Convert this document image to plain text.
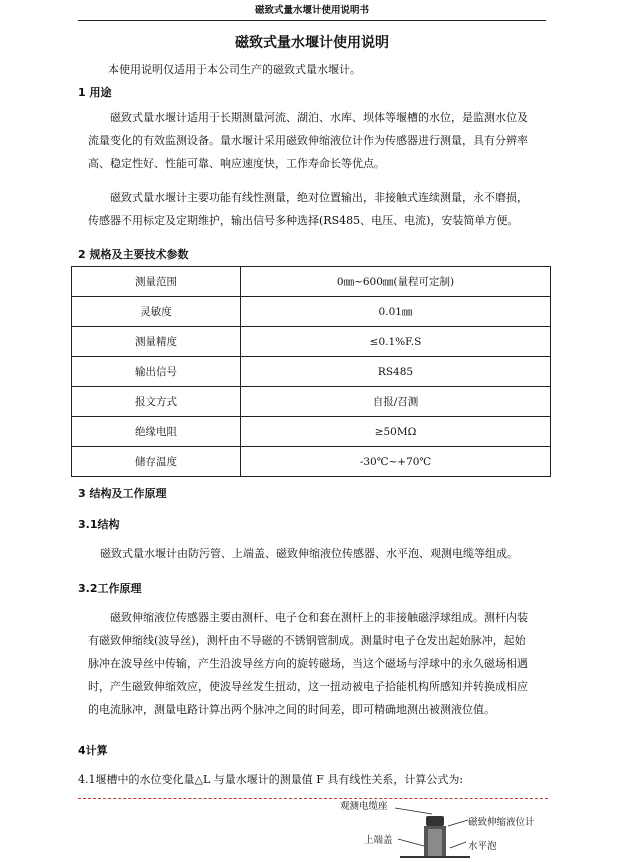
磁致式量水堰计使用说明书
磁致式量水堰计使用说明
本使用说明仅适用于本公司生产的磁致式量水堰计。
1 用途
磁致式量水堰计适用于长期测量河流、湖泊、水库、坝体等堰槽的水位，是监测水位及
流量变化的有效监测设备。量水堰计采用磁致伸缩液位计作为传感器进行测量，具有分辨率
高、稳定性好、性能可靠、响应速度快，工作寿命长等优点。
磁致式量水堰计主要功能有线性测量，绝对位置输出，非接触式连续测量，永不磨损，
传感器不用标定及定期维护，输出信号多种选择(RS485、电压、电流)，安装简单方便。
2 规格及主要技术参数
测量范围	0㎜~600㎜(量程可定制)
灵敏度	0.01㎜
测量精度	≤0.1%F.S
输出信号	RS485
报文方式	自报/召测
绝缘电阻	≥50MΩ
储存温度	-30℃~+70℃
3 结构及工作原理
3.1结构
磁致式量水堰计由防污管、上端盖、磁致伸缩液位传感器、水平泡、观测电缆等组成。
3.2工作原理
磁致伸缩液位传感器主要由测杆、电子仓和套在测杆上的非接触磁浮球组成。测杆内装
有磁致伸缩线(波导丝)，测杆由不导磁的不锈钢管制成。测量时电子仓发出起始脉冲，起始
脉冲在波导丝中传输，产生沿波导丝方向的旋转磁场，当这个磁场与浮球中的永久磁场相遇
时，产生磁致伸缩效应，使波导丝发生扭动，这一扭动被电子拾能机构所感知并转换成相应
的电流脉冲，测量电路计算出两个脉冲之间的时间差，即可精确地测出被测液位值。
4计算
4.1堰槽中的水位变化量△L 与量水堰计的测量值 F 具有线性关系，计算公式为:
观测电缆座
磁致伸缩液位计
上端盖
水平泡
